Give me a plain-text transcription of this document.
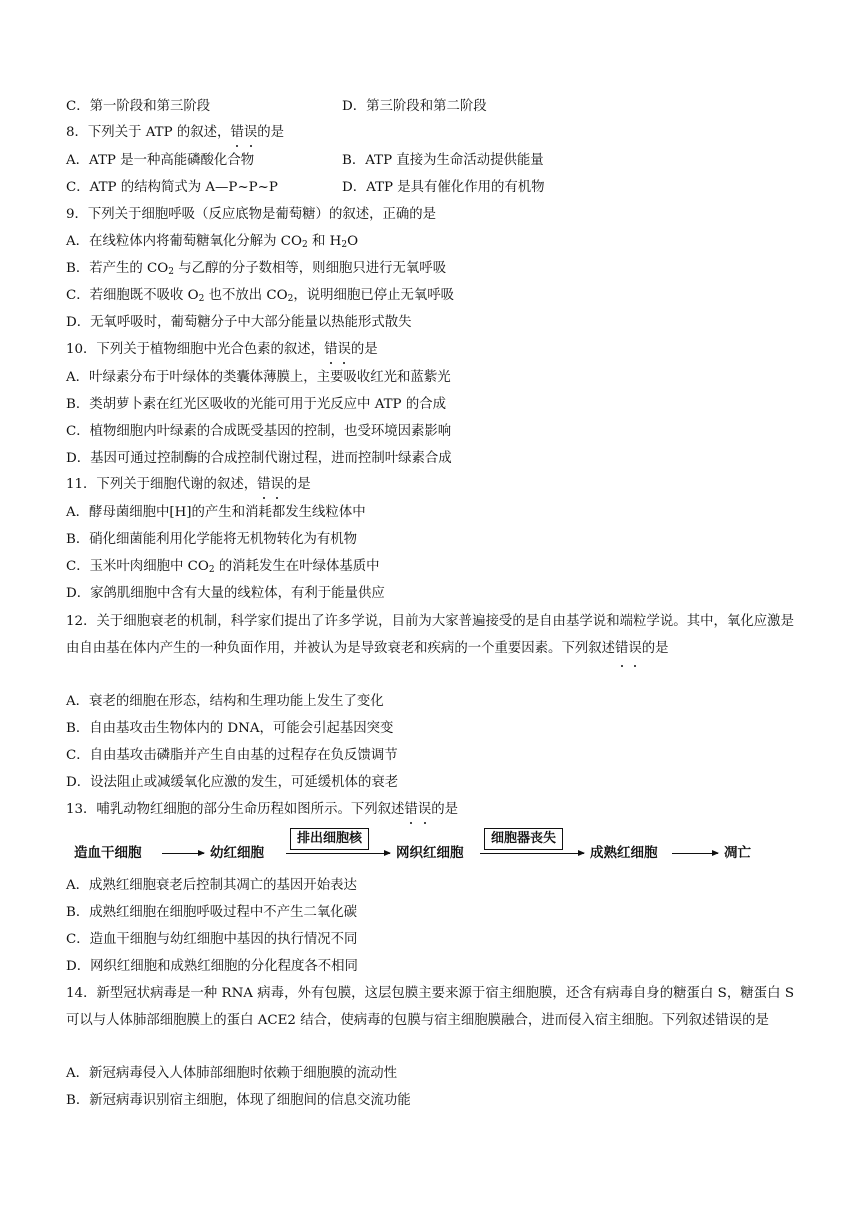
C．第一阶段和第三阶段	D．第三阶段和第二阶段
8．下列关于 ATP 的叙述，错误的是
A．ATP 是一种高能磷酸化合物	B．ATP 直接为生命活动提供能量
C．ATP 的结构简式为 A—P~P~P	D．ATP 是具有催化作用的有机物
9．下列关于细胞呼吸（反应底物是葡萄糖）的叙述，正确的是
A．在线粒体内将葡萄糖氧化分解为 $CO_2$ 和 $H_2O$
B．若产生的 $CO_2$ 与乙醇的分子数相等，则细胞只进行无氧呼吸
C．若细胞既不吸收 $O_2$ 也不放出 $CO_2$，说明细胞已停止无氧呼吸
D．无氧呼吸时，葡萄糖分子中大部分能量以热能形式散失
10．下列关于植物细胞中光合色素的叙述，错误的是
A．叶绿素分布于叶绿体的类囊体薄膜上，主要吸收红光和蓝紫光
B．类胡萝卜素在红光区吸收的光能可用于光反应中 ATP 的合成
C．植物细胞内叶绿素的合成既受基因的控制，也受环境因素影响
D．基因可通过控制酶的合成控制代谢过程，进而控制叶绿素合成
11．下列关于细胞代谢的叙述，错误的是
A．酵母菌细胞中[H]的产生和消耗都发生线粒体中
B．硝化细菌能利用化学能将无机物转化为有机物
C．玉米叶肉细胞中 $CO_2$ 的消耗发生在叶绿体基质中
D．家鸽肌细胞中含有大量的线粒体，有利于能量供应
12．关于细胞衰老的机制，科学家们提出了许多学说，目前为大家普遍接受的是自由基学说和端粒学说。其中，氧化应激是由自由基在体内产生的一种负面作用，并被认为是导致衰老和疾病的一个重要因素。下列叙述错误的是
A．衰老的细胞在形态，结构和生理功能上发生了变化
B．自由基攻击生物体内的 DNA，可能会引起基因突变
C．自由基攻击磷脂并产生自由基的过程存在负反馈调节
D．设法阻止或减缓氧化应激的发生，可延缓机体的衰老
13．哺乳动物红细胞的部分生命历程如图所示。下列叙述错误的是
造血干细胞	幼红细胞
排出细胞核
网织红细胞
细胞器丧失
成熟红细胞	凋亡
A．成熟红细胞衰老后控制其凋亡的基因开始表达
B．成熟红细胞在细胞呼吸过程中不产生二氧化碳
C．造血干细胞与幼红细胞中基因的执行情况不同
D．网织红细胞和成熟红细胞的分化程度各不相同
14．新型冠状病毒是一种 RNA 病毒，外有包膜，这层包膜主要来源于宿主细胞膜，还含有病毒自身的糖蛋白 S，糖蛋白 S 可以与人体肺部细胞膜上的蛋白 ACE2 结合，使病毒的包膜与宿主细胞膜融合，进而侵入宿主细胞。下列叙述错误的是
A．新冠病毒侵入人体肺部细胞时依赖于细胞膜的流动性
B．新冠病毒识别宿主细胞，体现了细胞间的信息交流功能
